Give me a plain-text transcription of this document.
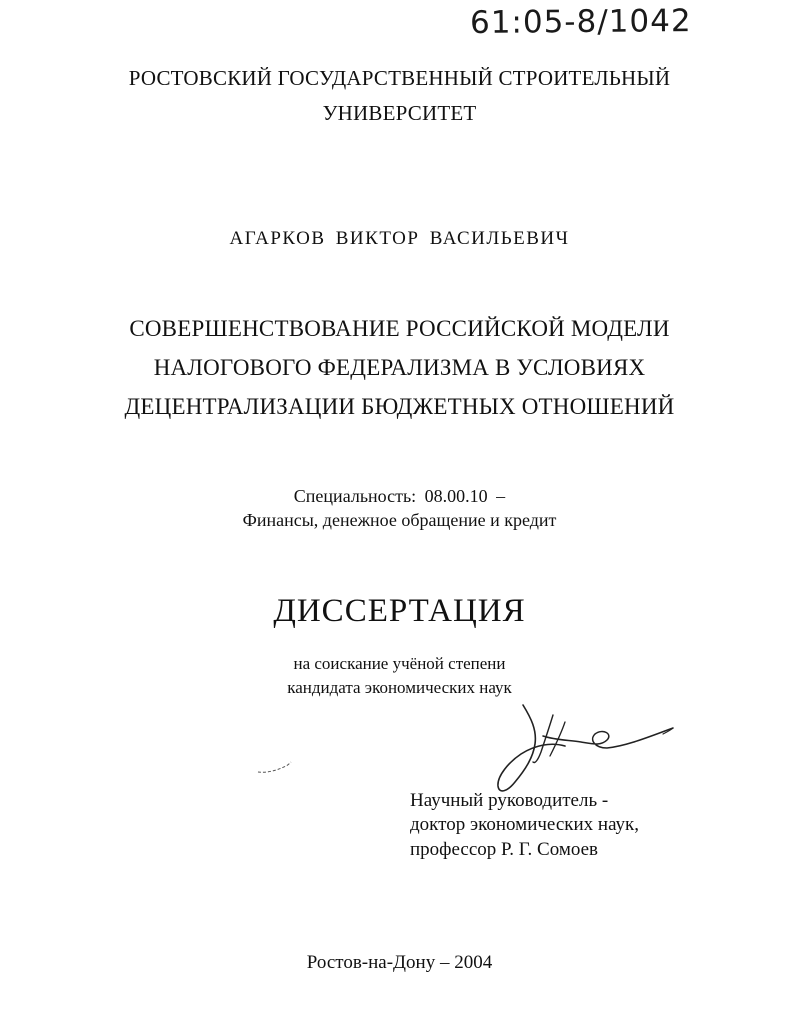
61:05-8/1042
РОСТОВСКИЙ ГОСУДАРСТВЕННЫЙ СТРОИТЕЛЬНЫЙ
УНИВЕРСИТЕТ
АГАРКОВ ВИКТОР ВАСИЛЬЕВИЧ
СОВЕРШЕНСТВОВАНИЕ РОССИЙСКОЙ МОДЕЛИ
НАЛОГОВОГО ФЕДЕРАЛИЗМА В УСЛОВИЯХ
ДЕЦЕНТРАЛИЗАЦИИ БЮДЖЕТНЫХ ОТНОШЕНИЙ
Специальность: 08.00.10 –
Финансы, денежное обращение и кредит
ДИССЕРТАЦИЯ
на соискание учёной степени
кандидата экономических наук
Научный руководитель -
доктор экономических наук,
профессор Р. Г. Сомоев
Ростов-на-Дону – 2004
